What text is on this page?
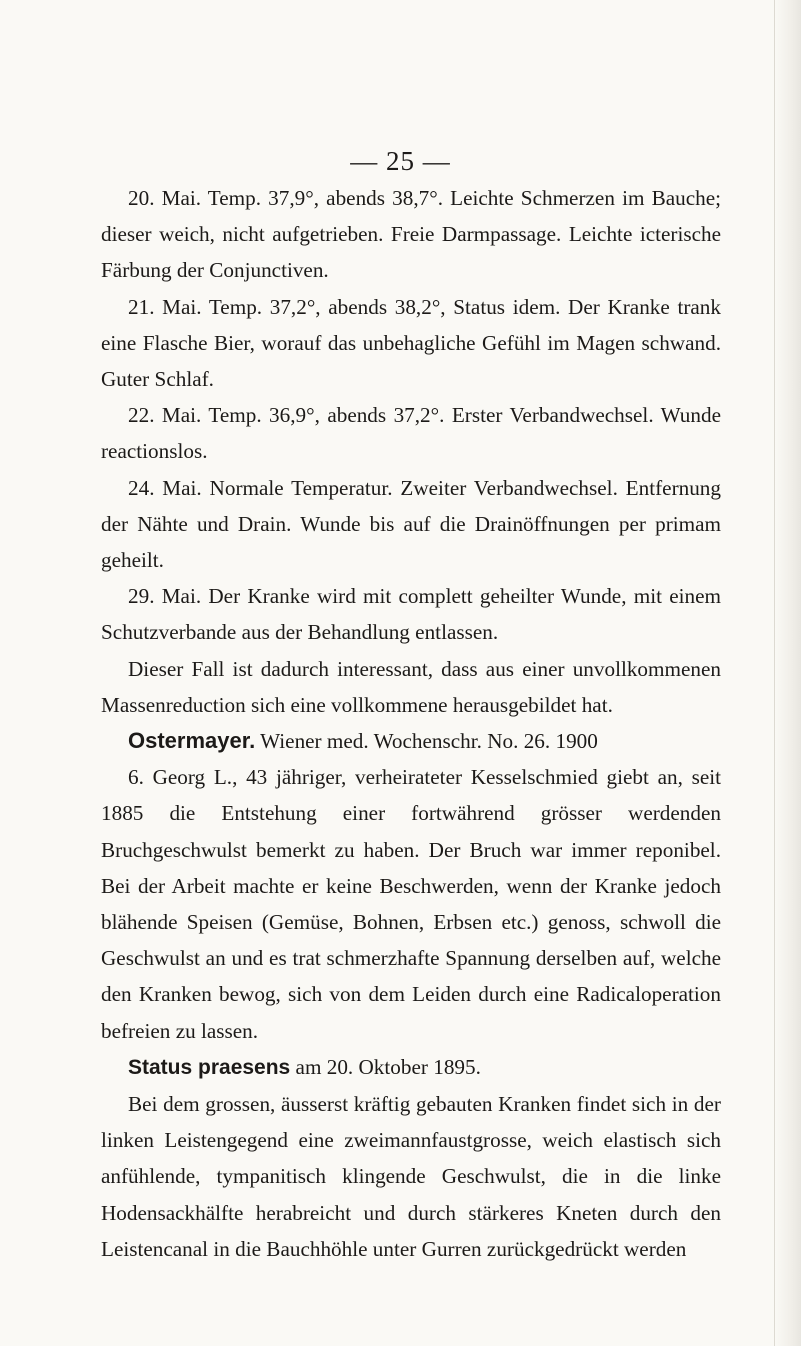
— 25 —

20. Mai. Temp. 37,9°, abends 38,7°. Leichte Schmerzen im Bauche; dieser weich, nicht aufgetrieben. Freie Darmpassage. Leichte icterische Färbung der Conjunctiven.

21. Mai. Temp. 37,2°, abends 38,2°, Status idem. Der Kranke trank eine Flasche Bier, worauf das unbehagliche Gefühl im Magen schwand. Guter Schlaf.

22. Mai. Temp. 36,9°, abends 37,2°. Erster Verbandwechsel. Wunde reactionslos.

24. Mai. Normale Temperatur. Zweiter Verbandwechsel. Entfernung der Nähte und Drain. Wunde bis auf die Drainöffnungen per primam geheilt.

29. Mai. Der Kranke wird mit complett geheilter Wunde, mit einem Schutzverbande aus der Behandlung entlassen.

Dieser Fall ist dadurch interessant, dass aus einer unvollkommenen Massenreduction sich eine vollkommene herausgebildet hat.

Ostermayer. Wiener med. Wochenschr. No. 26. 1900

6. Georg L., 43 jähriger, verheirateter Kesselschmied giebt an, seit 1885 die Entstehung einer fortwährend grösser werdenden Bruchgeschwulst bemerkt zu haben. Der Bruch war immer reponibel. Bei der Arbeit machte er keine Beschwerden, wenn der Kranke jedoch blähende Speisen (Gemüse, Bohnen, Erbsen etc.) genoss, schwoll die Geschwulst an und es trat schmerzhafte Spannung derselben auf, welche den Kranken bewog, sich von dem Leiden durch eine Radicaloperation befreien zu lassen.

Status praesens am 20. Oktober 1895.

Bei dem grossen, äusserst kräftig gebauten Kranken findet sich in der linken Leistengegend eine zweimannfaustgrosse, weich elastisch sich anfühlende, tympanitisch klingende Geschwulst, die in die linke Hodensackhälfte herabreicht und durch stärkeres Kneten durch den Leistencanal in die Bauchhöhle unter Gurren zurückgedrückt werden
